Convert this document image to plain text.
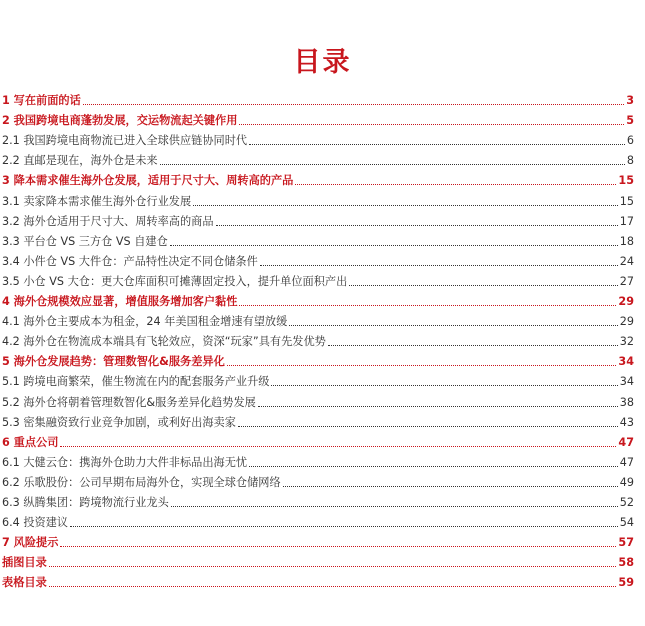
目录
1 写在前面的话	3
2 我国跨境电商蓬勃发展，交运物流起关键作用	5
2.1 我国跨境电商物流已进入全球供应链协同时代	6
2.2 直邮是现在，海外仓是未来	8
3 降本需求催生海外仓发展，适用于尺寸大、周转高的产品	15
3.1 卖家降本需求催生海外仓行业发展	15
3.2 海外仓适用于尺寸大、周转率高的商品	17
3.3 平台仓 VS 三方仓 VS 自建仓	18
3.4 小件仓 VS 大件仓：产品特性决定不同仓储条件	24
3.5 小仓 VS 大仓：更大仓库面积可摊薄固定投入，提升单位面积产出	27
4 海外仓规模效应显著，增值服务增加客户黏性	29
4.1 海外仓主要成本为租金，24 年美国租金增速有望放缓	29
4.2 海外仓在物流成本端具有飞轮效应，资深“玩家”具有先发优势	32
5 海外仓发展趋势：管理数智化&服务差异化	34
5.1 跨境电商繁荣，催生物流在内的配套服务产业升级	34
5.2 海外仓将朝着管理数智化&服务差异化趋势发展	38
5.3 密集融资致行业竞争加剧，或利好出海卖家	43
6 重点公司	47
6.1 大健云仓：携海外仓助力大件非标品出海无忧	47
6.2 乐歌股份：公司早期布局海外仓，实现全球仓储网络	49
6.3 纵腾集团：跨境物流行业龙头	52
6.4 投资建议	54
7 风险提示	57
插图目录	58
表格目录	59
